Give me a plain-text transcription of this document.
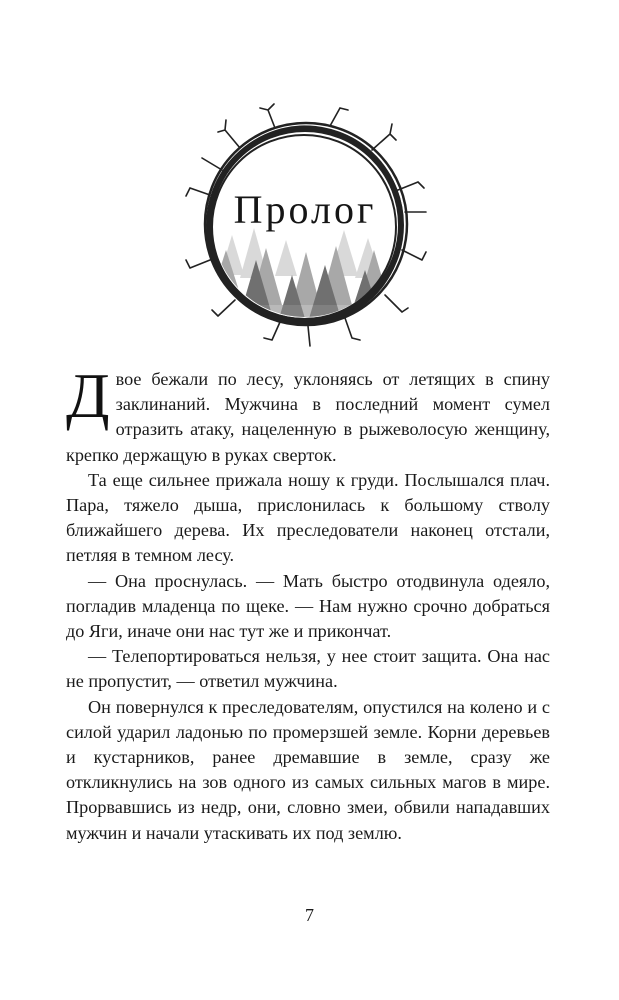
Пролог

Двое бежали по лесу, уклоняясь от летящих в спину заклинаний. Мужчина в последний момент сумел отразить атаку, нацеленную в рыжеволосую женщину, крепко держащую в руках сверток.

Та еще сильнее прижала ношу к груди. Послышался плач. Пара, тяжело дыша, прислонилась к большому стволу ближайшего дерева. Их преследователи наконец отстали, петляя в темном лесу.

— Она проснулась. — Мать быстро отодвинула одеяло, погладив младенца по щеке. — Нам нужно срочно добраться до Яги, иначе они нас тут же и прикончат.

— Телепортироваться нельзя, у нее стоит защита. Она нас не пропустит, — ответил мужчина.

Он повернулся к преследователям, опустился на колено и с силой ударил ладонью по промерзшей земле. Корни деревьев и кустарников, ранее дремавшие в земле, сразу же откликнулись на зов одного из самых сильных магов в мире. Прорвавшись из недр, они, словно змеи, обвили нападавших мужчин и начали утаскивать их под землю.

7
